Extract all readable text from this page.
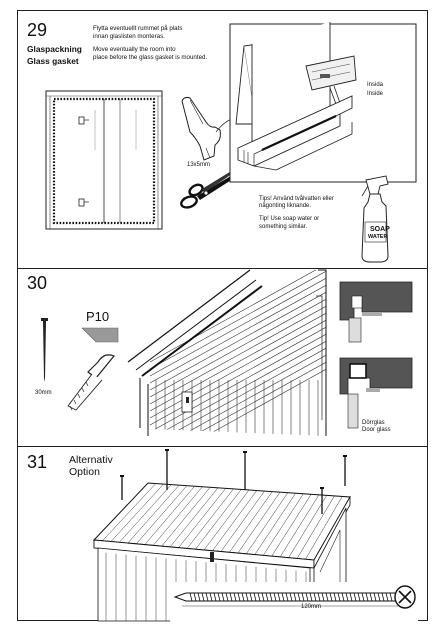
29
Glaspackning
Glass gasket
Flytta eventuellt rummet på plats
innan glaslisten monteras.
Move eventually the room into
place before the glass gasket is mounted.
13x5mm
Insida
Inside
Tips! Använd tvålvatten eller
någonting liknande.
Tip! Use soap water or
something similar.	SOAP
WATER
30
P10
30mm
Dörrglas
Door glass
31 Alternativ
Option
120mm
